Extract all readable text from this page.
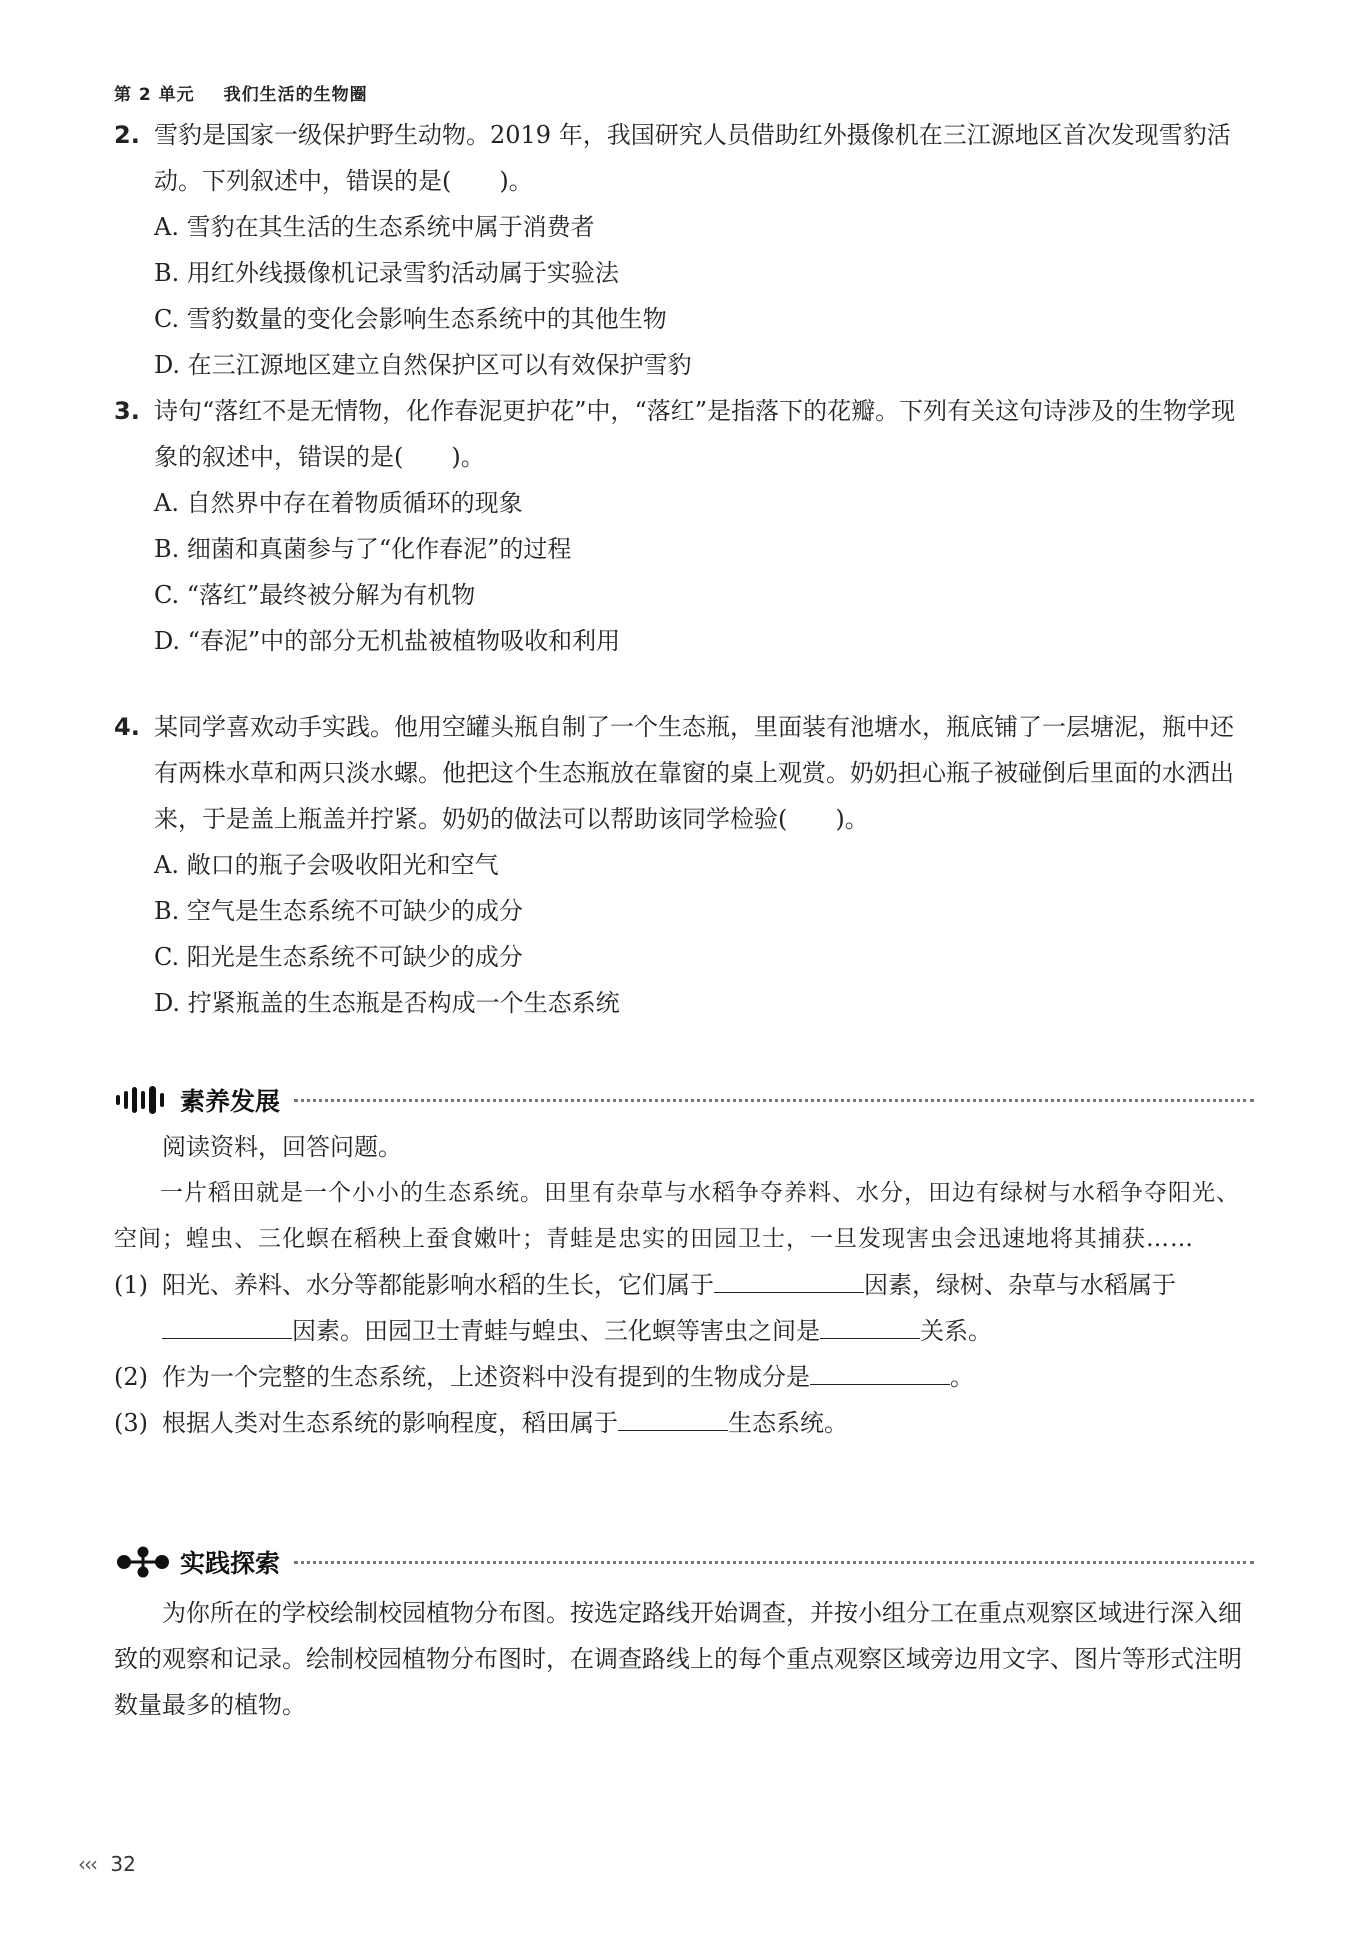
第 2 单元 我们生活的生物圈
2. 雪豹是国家一级保护野生动物。2019 年，我国研究人员借助红外摄像机在三江源地区首次发现雪豹活动。下列叙述中，错误的是(　　)。
A. 雪豹在其生活的生态系统中属于消费者
B. 用红外线摄像机记录雪豹活动属于实验法
C. 雪豹数量的变化会影响生态系统中的其他生物
D. 在三江源地区建立自然保护区可以有效保护雪豹
3. 诗句“落红不是无情物，化作春泥更护花”中，“落红”是指落下的花瓣。下列有关这句诗涉及的生物学现象的叙述中，错误的是(　　)。
A. 自然界中存在着物质循环的现象
B. 细菌和真菌参与了“化作春泥”的过程
C. “落红”最终被分解为有机物
D. “春泥”中的部分无机盐被植物吸收和利用
4. 某同学喜欢动手实践。他用空罐头瓶自制了一个生态瓶，里面装有池塘水，瓶底铺了一层塘泥，瓶中还有两株水草和两只淡水螺。他把这个生态瓶放在靠窗的桌上观赏。奶奶担心瓶子被碰倒后里面的水洒出来，于是盖上瓶盖并拧紧。奶奶的做法可以帮助该同学检验(　　)。
A. 敞口的瓶子会吸收阳光和空气
B. 空气是生态系统不可缺少的成分
C. 阳光是生态系统不可缺少的成分
D. 拧紧瓶盖的生态瓶是否构成一个生态系统
素养发展
阅读资料，回答问题。
一片稻田就是一个小小的生态系统。田里有杂草与水稻争夺养料、水分，田边有绿树与水稻争夺阳光、空间；蝗虫、三化螟在稻秧上蚕食嫩叶；青蛙是忠实的田园卫士，一旦发现害虫会迅速地将其捕获……
(1) 阳光、养料、水分等都能影响水稻的生长，它们属于	因素，绿树、杂草与水稻属于因素。田园卫士青蛙与蝗虫、三化螟等害虫之间是	关系。
(2) 作为一个完整的生态系统，上述资料中没有提到的生物成分是	。
(3) 根据人类对生态系统的影响程度，稻田属于	生态系统。
实践探索
为你所在的学校绘制校园植物分布图。按选定路线开始调查，并按小组分工在重点观察区域进行深入细致的观察和记录。绘制校园植物分布图时，在调查路线上的每个重点观察区域旁边用文字、图片等形式注明数量最多的植物。
‹‹‹ 32
